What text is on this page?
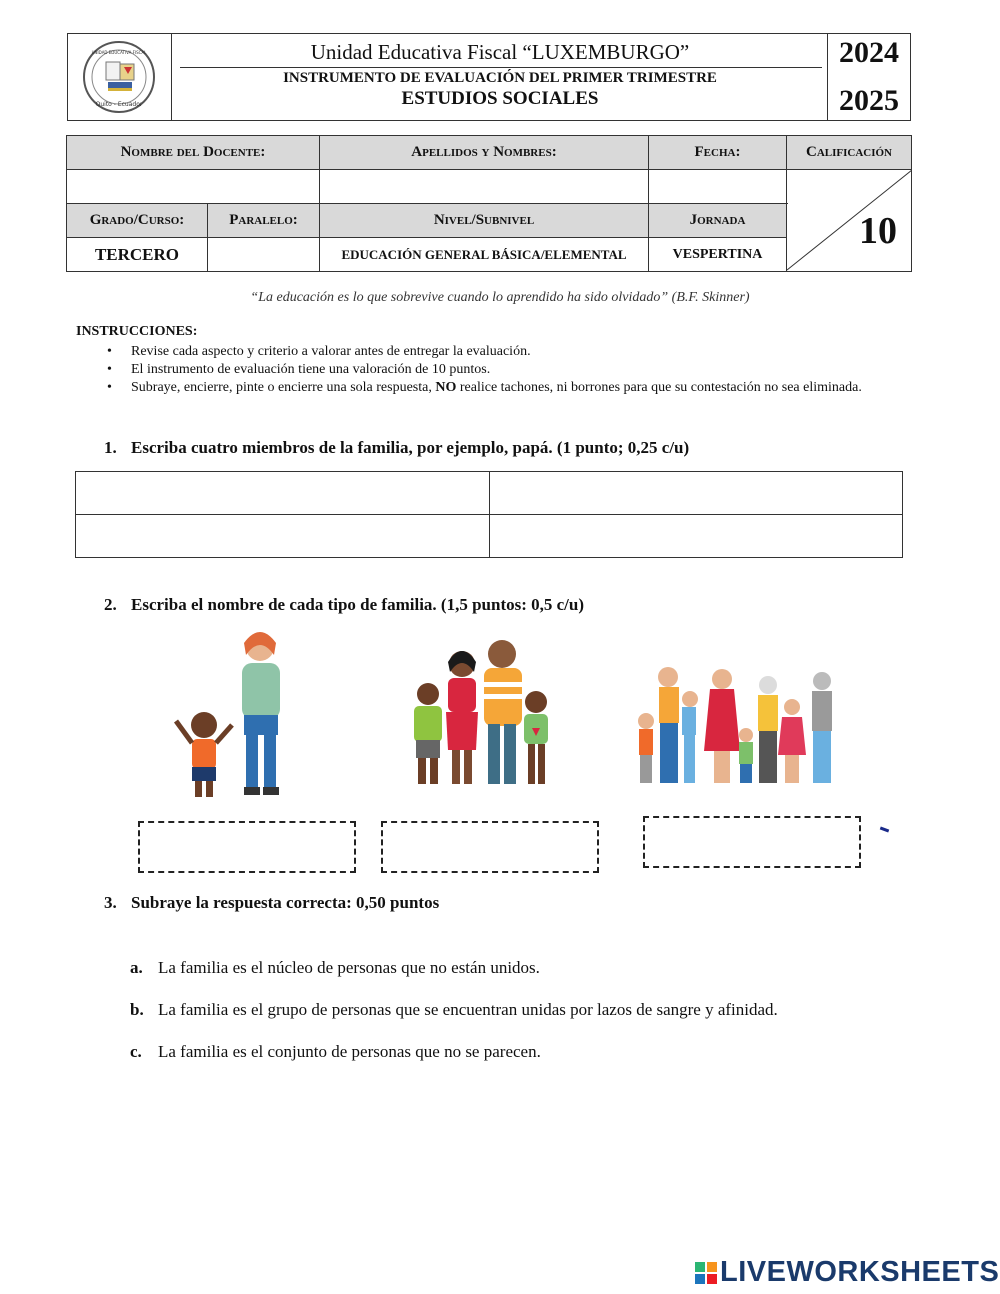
UNIDAD EDUCATIVA FISCAL
Quito - Ecuador
Unidad Educativa Fiscal “LUXEMBURGO”
INSTRUMENTO DE EVALUACIÓN DEL PRIMER TRIMESTRE
ESTUDIOS SOCIALES
2024
2025
Nombre del Docente:		Apellidos y Nombres:	Fecha:	Calificación

				10

Grado/Curso:	Paralelo:	Nivel/Subnivel	Jornada	
TERCERO		EDUCACIÓN GENERAL BÁSICA/ELEMENTAL	VESPERTINA	
“La educación es lo que sobrevive cuando lo aprendido ha sido olvidado” (B.F. Skinner)
INSTRUCCIONES:
• Revise cada aspecto y criterio a valorar antes de entregar la evaluación.
• El instrumento de evaluación tiene una valoración de 10 puntos.
• Subraye, encierre, pinte o encierre una sola respuesta, NO realice tachones, ni borrones para que su contestación no sea eliminada.
1. Escriba cuatro miembros de la familia, por ejemplo, papá. (1 punto; 0,25 c/u)

2. Escriba el nombre de cada tipo de familia. (1,5 puntos: 0,5 c/u)
3. Subraye la respuesta correcta: 0,50 puntos
a. La familia es el núcleo de personas que no están unidos.
b. La familia es el grupo de personas que se encuentran unidas por lazos de sangre y afinidad.
c. La familia es el conjunto de personas que no se parecen.

LIVEWORKSHEETS
